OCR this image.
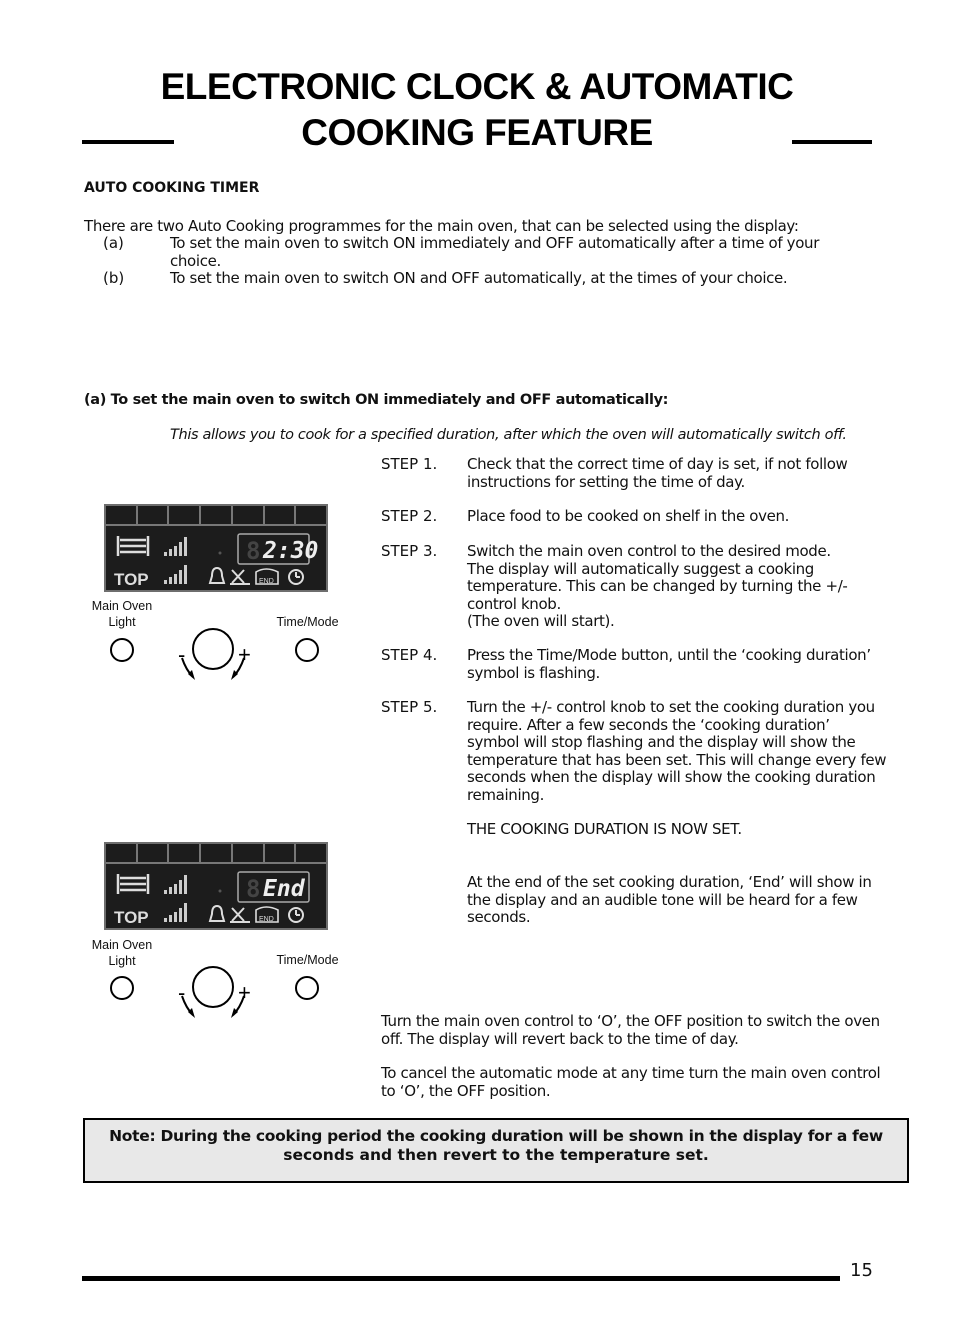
ELECTRONIC CLOCK & AUTOMATIC
COOKING FEATURE
AUTO COOKING TIMER
There are two Auto Cooking programmes for the main oven, that can be selected using the display:
(a)	To set the main oven to switch ON immediately and OFF automatically after a time of your
choice.
(b)	To set the main oven to switch ON and OFF automatically, at the times of your choice.
(a) To set the main oven to switch ON immediately and OFF automatically:
This allows you to cook for a specified duration, after which the oven will automatically switch off.
STEP 1. Check that the correct time of day is set, if not follow
instructions for setting the time of day.
STEP 2. Place food to be cooked on shelf in the oven.
STEP 3. Switch the main oven control to the desired mode.
The display will automatically suggest a cooking
temperature. This can be changed by turning the +/-
control knob.
(The oven will start).
STEP 4. Press the Time/Mode button, until the ‘cooking duration’
symbol is flashing.
STEP 5. Turn the +/- control knob to set the cooking duration you
require. After a few seconds the ‘cooking duration’
symbol will stop flashing and the display will show the
temperature that has been set. This will change every few
seconds when the display will show the cooking duration
remaining.
THE COOKING DURATION IS NOW SET.
At the end of the set cooking duration, ‘End’ will show in
the display and an audible tone will be heard for a few
seconds.
Turn the main oven control to ‘O’, the OFF position to switch the oven
off. The display will revert back to the time of day.
To cancel the automatic mode at any time turn the main oven control
to ‘O’, the OFF position.
8 2:30
TOP	END
Main Oven
Light	Time/Mode
- +
8 End
TOP	END
Main Oven
Light	Time/Mode
- +
Note: During the cooking period the cooking duration will be shown in the display for a few
seconds and then revert to the temperature set.
15
